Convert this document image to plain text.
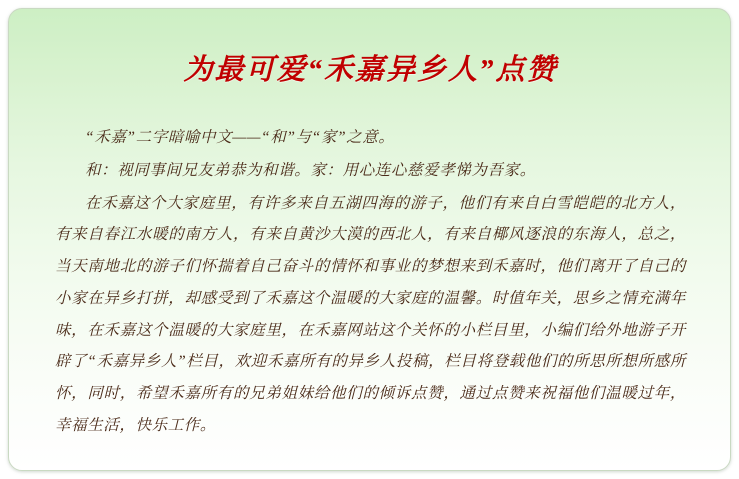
为最可爱“禾嘉异乡人”点赞

“禾嘉”二字暗喻中文——“和”与“家”之意。

和：视同事间兄友弟恭为和谐。家：用心连心慈爱孝悌为吾家。

在禾嘉这个大家庭里，有许多来自五湖四海的游子，他们有来自白雪皑皑的北方人，有来自春江水暖的南方人，有来自黄沙大漠的西北人，有来自椰风逐浪的东海人，总之，当天南地北的游子们怀揣着自己奋斗的情怀和事业的梦想来到禾嘉时，他们离开了自己的小家在异乡打拼，却感受到了禾嘉这个温暖的大家庭的温馨。时值年关，思乡之情充满年味，在禾嘉这个温暖的大家庭里，在禾嘉网站这个关怀的小栏目里，小编们给外地游子开辟了“禾嘉异乡人”栏目，欢迎禾嘉所有的异乡人投稿，栏目将登载他们的所思所想所感所怀，同时，希望禾嘉所有的兄弟姐妹给他们的倾诉点赞，通过点赞来祝福他们温暖过年，幸福生活，快乐工作。
